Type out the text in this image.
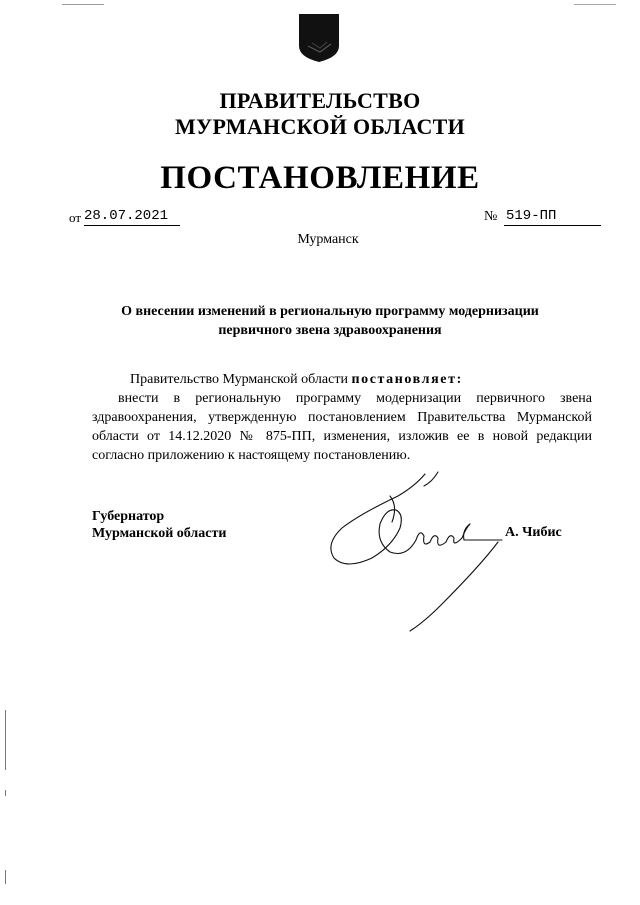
ПРАВИТЕЛЬСТВО
МУРМАНСКОЙ ОБЛАСТИ
ПОСТАНОВЛЕНИЕ
от 28.07.2021	№ 519-ПП
Мурманск
О внесении изменений в региональную программу модернизации
первичного звена здравоохранения

Правительство Мурманской области постановляет:

внести в региональную программу модернизации первичного звена здравоохранения, утвержденную постановлением Правительства Мурманской области от 14.12.2020 № 875-ПП, изменения, изложив ее в новой редакции согласно приложению к настоящему постановлению.

Губернатор
Мурманской области	А. Чибис
